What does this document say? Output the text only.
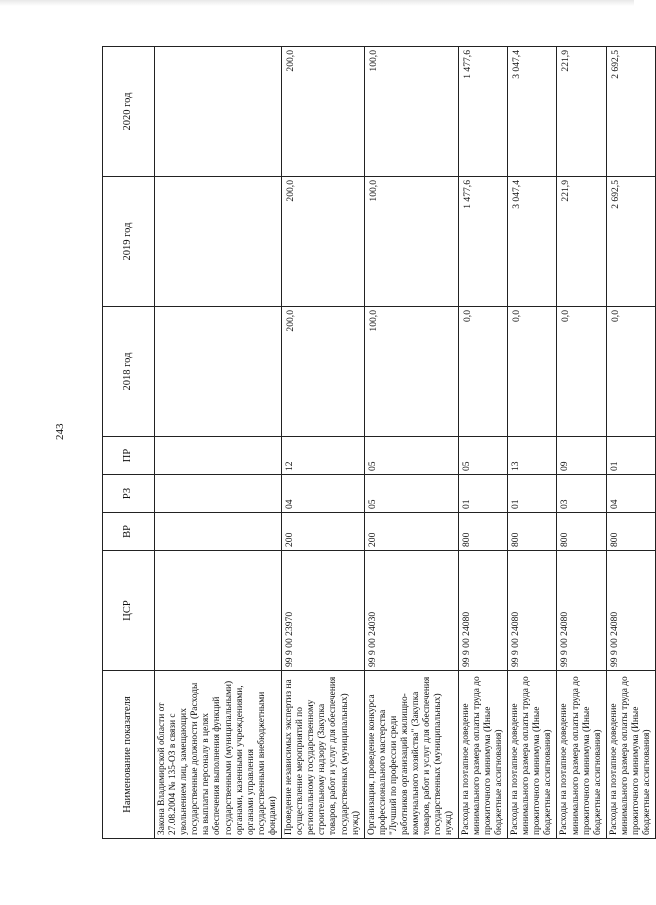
243
Наименование показателя	ЦСР	ВР	РЗ	ПР	2018 год	2019 год	2020 год
Закона Владимирской области от 27.08.2004 № 135-ОЗ в связи с увольнением лиц, замещающих государственные должности (Расходы на выплаты персоналу в целях обеспечения выполнения функций государственными (муниципальными) органами, казенными учреждениями, органами управления государственными внебюджетными фондами)							
Проведение независимых экспертиз на осуществление мероприятий по региональному государственному строительному надзору (Закупка товаров, работ и услуг для обеспечения государственных (муниципальных) нужд)	99 9 00 23970	200	04	12	200,0	200,0	200,0
Организация, проведение конкурса профессионального мастерства "Лучший по профессии среди работников организаций жилищно-коммунального хозяйства" (Закупка товаров, работ и услуг для обеспечения государственных (муниципальных) нужд)	99 9 00 24030	200	05	05	100,0	100,0	100,0
Расходы на поэтапное доведение минимального размера оплаты труда до прожиточного минимума (Иные бюджетные ассигнования)	99 9 00 24080	800	01	05	0,0	1 477,6	1 477,6
Расходы на поэтапное доведение минимального размера оплаты труда до прожиточного минимума (Иные бюджетные ассигнования)	99 9 00 24080	800	01	13	0,0	3 047,4	3 047,4
Расходы на поэтапное доведение минимального размера оплаты труда до прожиточного минимума (Иные бюджетные ассигнования)	99 9 00 24080	800	03	09	0,0	221,9	221,9
Расходы на поэтапное доведение минимального размера оплаты труда до прожиточного минимума (Иные бюджетные ассигнования)	99 9 00 24080	800	04	01	0,0	2 692,5	2 692,5
